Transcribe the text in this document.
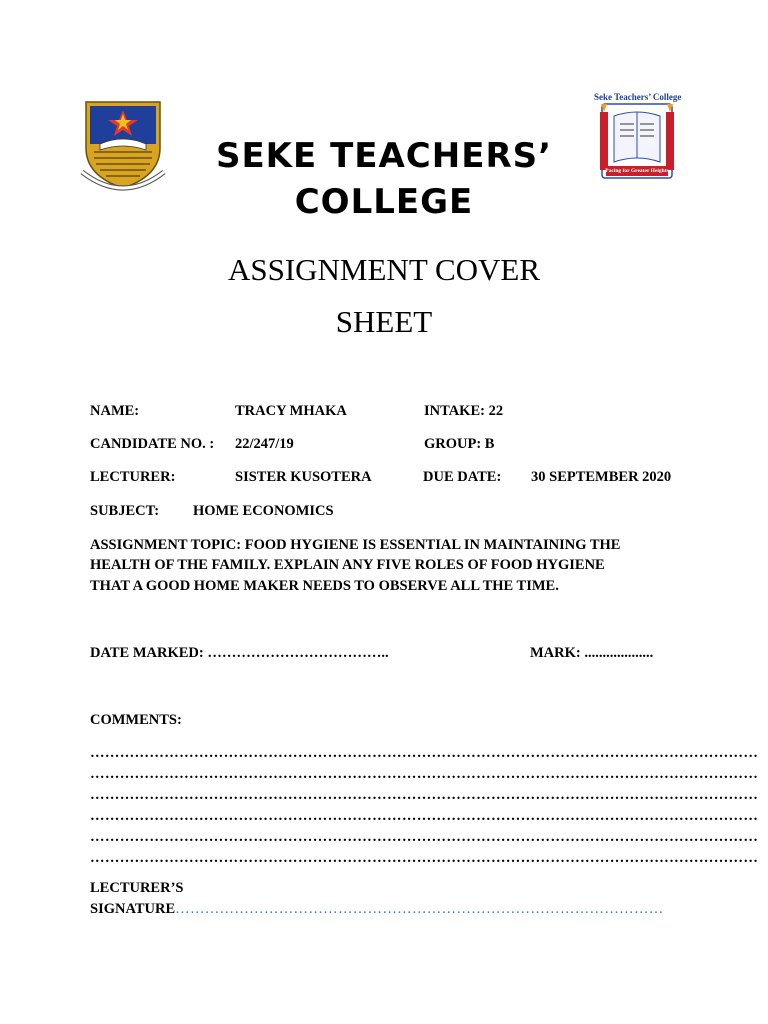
Seke Teachers’ College
Pacing for Greater Heights
SEKE TEACHERS’
COLLEGE
ASSIGNMENT COVER
SHEET
NAME:	TRACY MHAKA	INTAKE: 22
CANDIDATE NO. : 22/247/19	GROUP: B
LECTURER:	SISTER KUSOTERA	DUE DATE: 30 SEPTEMBER 2020
SUBJECT: HOME ECONOMICS
ASSIGNMENT TOPIC: FOOD HYGIENE IS ESSENTIAL IN MAINTAINING THE
HEALTH OF THE FAMILY. EXPLAIN ANY FIVE ROLES OF FOOD HYGIENE
THAT A GOOD HOME MAKER NEEDS TO OBSERVE ALL THE TIME.
DATE MARKED: ………………………………..	MARK: ...................
COMMENTS:
………………………………………………………………………………………………………………………
………………………………………………………………………………………………………………………
………………………………………………………………………………………………………………………
………………………………………………………………………………………………………………………
………………………………………………………………………………………………………………………
………………………………………………………………………………………………………………………
LECTURER’S
SIGNATURE………………………………………………………………………………………
